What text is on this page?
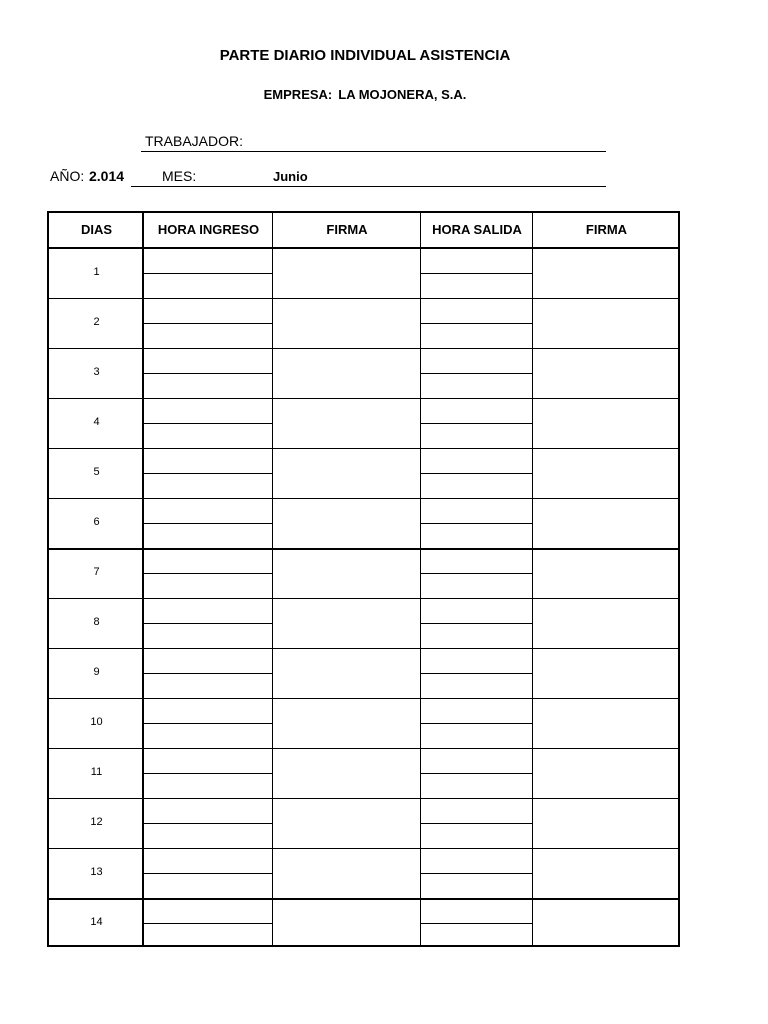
PARTE DIARIO INDIVIDUAL ASISTENCIA
EMPRESA: LA MOJONERA, S.A.
TRABAJADOR:
AÑO: 2.014	MES:	Junio
DIAS	HORA INGRESO	FIRMA	HORA SALIDA	FIRMA
1
2
3
4
5
6
7
8
9
10
11
12
13
14
